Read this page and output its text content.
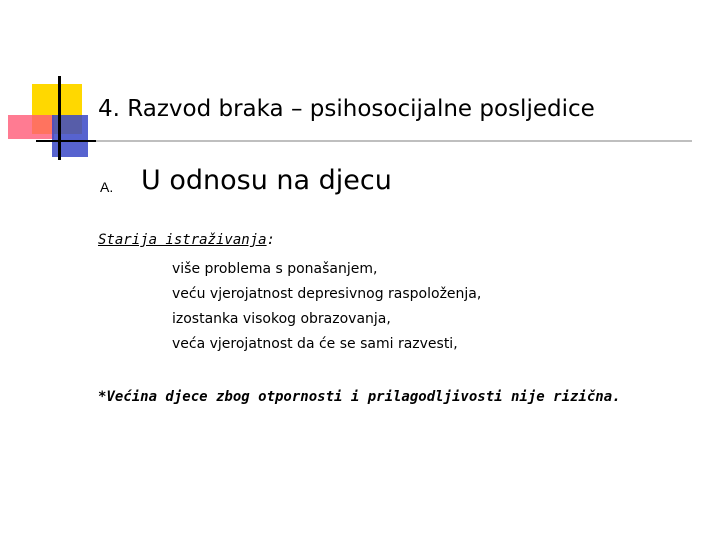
4. Razvod braka – psihosocijalne posljedice
A. U odnosu na djecu
Starija istraživanja:
više problema s ponašanjem,
veću vjerojatnost depresivnog raspoloženja,
izostanka visokog obrazovanja,
veća vjerojatnost da će se sami razvesti,
*Većina djece zbog otpornosti i prilagodljivosti nije rizična.
